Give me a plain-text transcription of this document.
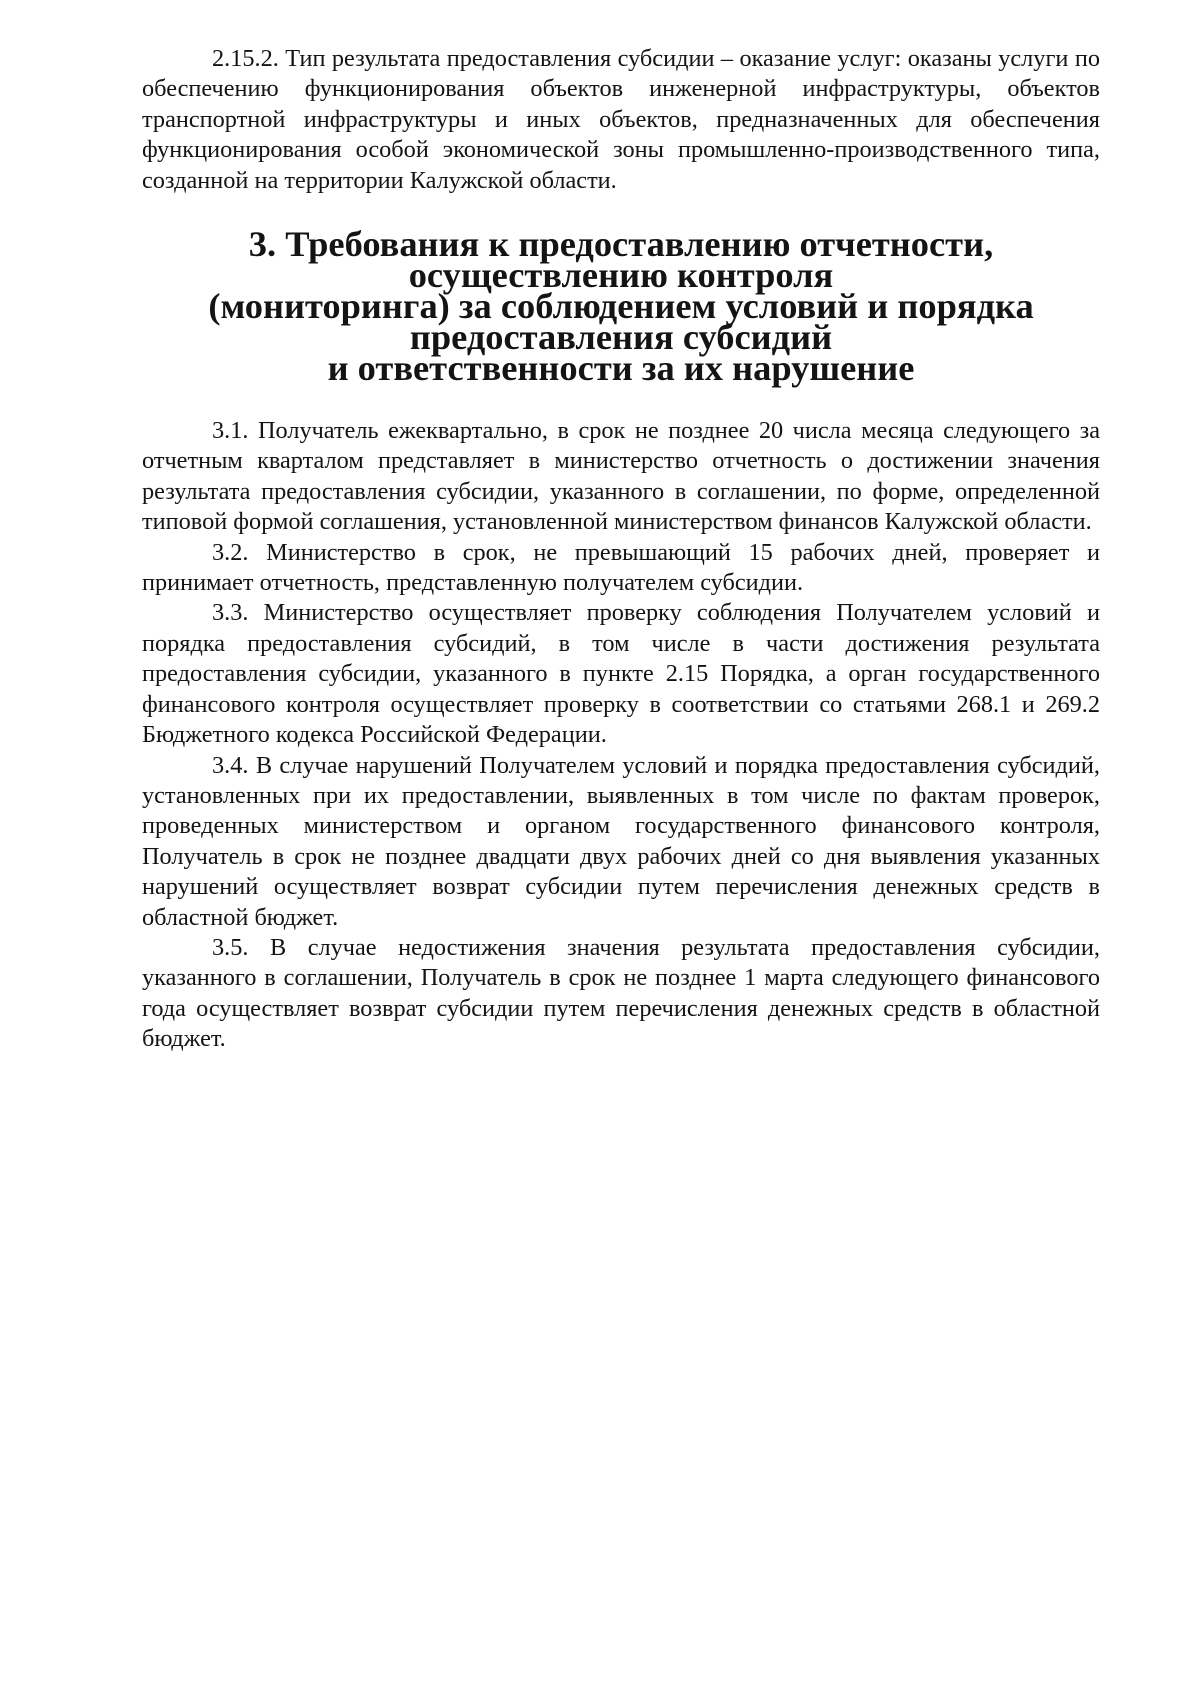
2.15.2. Тип результата предоставления субсидии – оказание услуг: оказаны услуги по обеспечению функционирования объектов инженерной инфраструктуры, объектов транспортной инфраструктуры и иных объектов, предназначенных для обеспечения функционирования особой экономической зоны промышленно-производственного типа, созданной на территории Калужской области.

3. Требования к предоставлению отчетности, осуществлению контроля
(мониторинга) за соблюдением условий и порядка предоставления субсидий
и ответственности за их нарушение

3.1. Получатель ежеквартально, в срок не позднее 20 числа месяца следующего за отчетным кварталом представляет в министерство отчетность о достижении значения результата предоставления субсидии, указанного в соглашении, по форме, определенной типовой формой соглашения, установленной министерством финансов Калужской области.

3.2. Министерство в срок, не превышающий 15 рабочих дней, проверяет и принимает отчетность, представленную получателем субсидии.

3.3. Министерство осуществляет проверку соблюдения Получателем условий и порядка предоставления субсидий, в том числе в части достижения результата предоставления субсидии, указанного в пункте 2.15 Порядка, а орган государственного финансового контроля осуществляет проверку в соответствии со статьями 268.1 и 269.2 Бюджетного кодекса Российской Федерации.

3.4. В случае нарушений Получателем условий и порядка предоставления субсидий, установленных при их предоставлении, выявленных в том числе по фактам проверок, проведенных министерством и органом государственного финансового контроля, Получатель в срок не позднее двадцати двух рабочих дней со дня выявления указанных нарушений осуществляет возврат субсидии путем перечисления денежных средств в областной бюджет.

3.5. В случае недостижения значения результата предоставления субсидии, указанного в соглашении, Получатель в срок не позднее 1 марта следующего финансового года осуществляет возврат субсидии путем перечисления денежных средств в областной бюджет.
